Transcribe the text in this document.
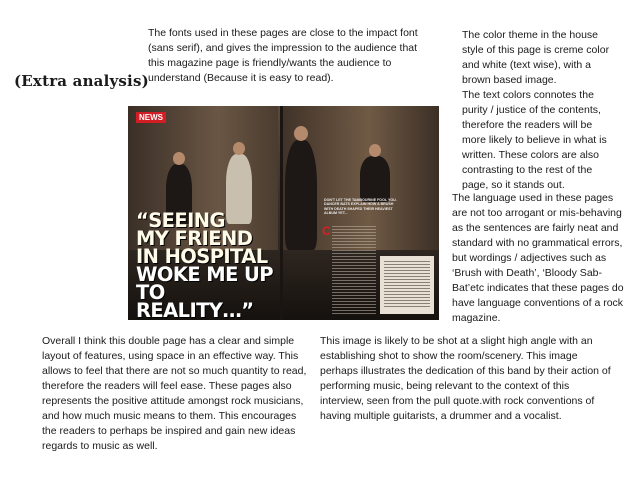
(Extra analysis)
The fonts used in these pages are close to the impact font
(sans serif), and gives the impression to the audience that
this magazine page is friendly/wants the audience to
understand (Because it is easy to read).
The color theme in the house
style of this page is creme color
and white (text wise), with a
brown based image.
The text colors connotes the
purity / justice of the contents,
therefore the readers will be
more likely to believe in what is
written. These colors are also
contrasting to the rest of the
page, so it stands out.
The language used in these pages
are not too arrogant or mis-behaving
as the sentences are fairly neat and
standard with no grammatical errors,
but wordings / adjectives such as
‘Brush with Death’, ‘Bloody Sab-
Bat’etc indicates that these pages do
have language conventions of a rock
magazine.
Overall I think this double page has a clear and simple
layout of features, using space in an effective way. This
allows to feel that there are not so much quantity to read,
therefore the readers will feel ease. These pages also
represents the positive attitude amongst rock musicians,
and how much music means to them. This encourages
the readers to perhaps be inspired and gain new ideas
regards to music as well.
This image is likely to be shot at a slight high angle with an
establishing shot to show the room/scenery. This image
perhaps illustrates the dedication of this band by their action of
performing music, being relevant to the context of this
interview, seen from the pull quote.with rock conventions of
having multiple guitarists, a drummer and a vocalist.
NEWS
“SEEING
MY FRIEND
IN HOSPITAL
WOKE ME UP
TO REALITY…”
DON'T LET THE TAMBOURINE FOOL YOU. DANCER BATS EXPLAIN HOW A BRUSH WITH DEATH SHAPED THEIR HEAVIEST ALBUM YET...
C
